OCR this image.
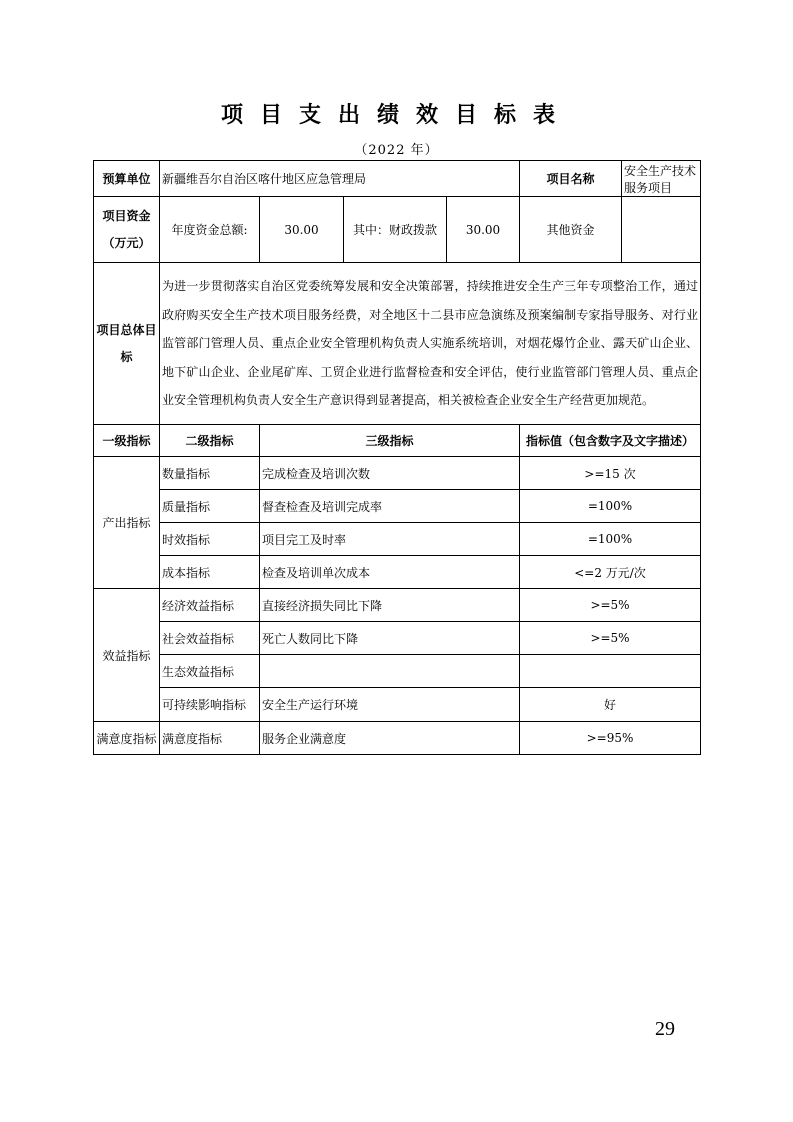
项目支出绩效目标表
（2022 年）
预算单位	新疆维吾尔自治区喀什地区应急管理局				项目名称	安全生产技术服务项目
项目资金
（万元）	年度资金总额:	30.00	其中：财政拨款	30.00	其他资金	
项目总体目标	为进一步贯彻落实自治区党委统筹发展和安全决策部署，持续推进安全生产三年专项整治工作，通过政府购买安全生产技术项目服务经费，对全地区十二县市应急演练及预案编制专家指导服务、对行业监管部门管理人员、重点企业安全管理机构负责人实施系统培训，对烟花爆竹企业、露天矿山企业、地下矿山企业、企业尾矿库、工贸企业进行监督检查和安全评估，使行业监管部门管理人员、重点企业安全管理机构负责人安全生产意识得到显著提高，相关被检查企业安全生产经营更加规范。					
一级指标	二级指标	三级指标			指标值（包含数字及文字描述）	
产出指标	数量指标	完成检查及培训次数			>=15 次	
	质量指标	督查检查及培训完成率			=100%	
	时效指标	项目完工及时率			=100%	
	成本指标	检查及培训单次成本			<=2 万元/次	
效益指标	经济效益指标	直接经济损失同比下降			>=5%	
	社会效益指标	死亡人数同比下降			>=5%	
	生态效益指标					
	可持续影响指标	安全生产运行环境			好	
满意度指标	满意度指标	服务企业满意度			>=95%	
29
